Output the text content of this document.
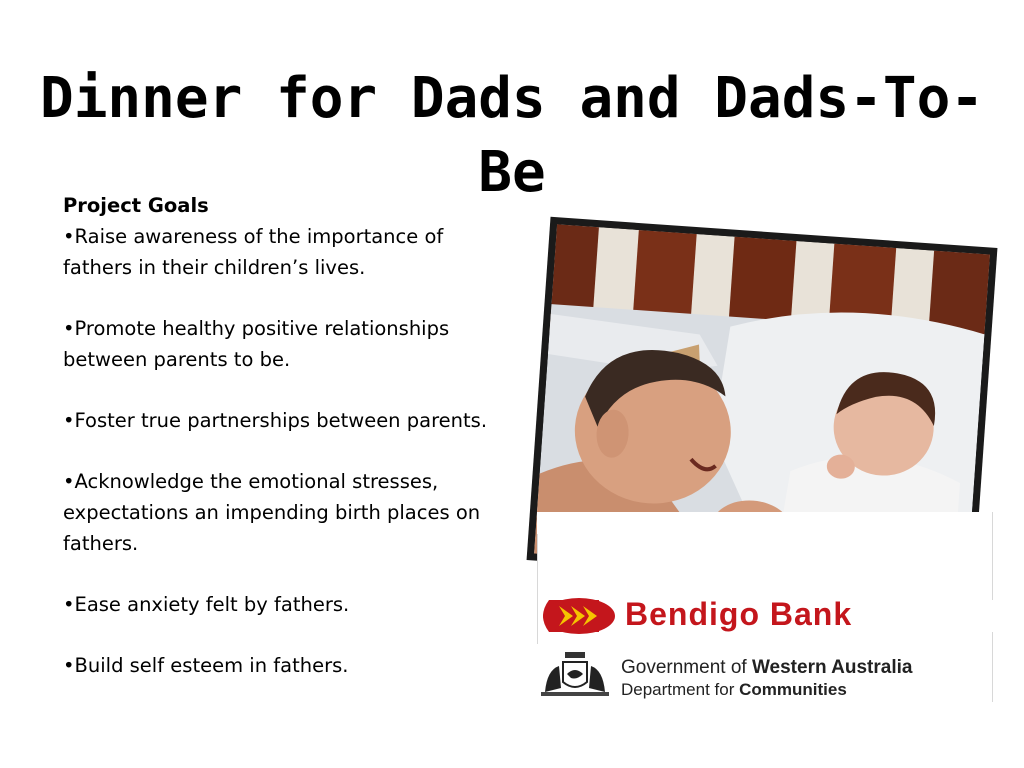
Dinner for Dads and Dads-To-Be
Project Goals
•Raise awareness of the importance of fathers in their children’s lives.
•Promote healthy positive relationships between parents to be.
•Foster true partnerships between parents.
•Acknowledge the emotional stresses, expectations an impending birth places on fathers.
•Ease anxiety felt by fathers.
•Build self esteem in fathers.
Bendigo Bank
Government of Western Australia
Department for Communities
